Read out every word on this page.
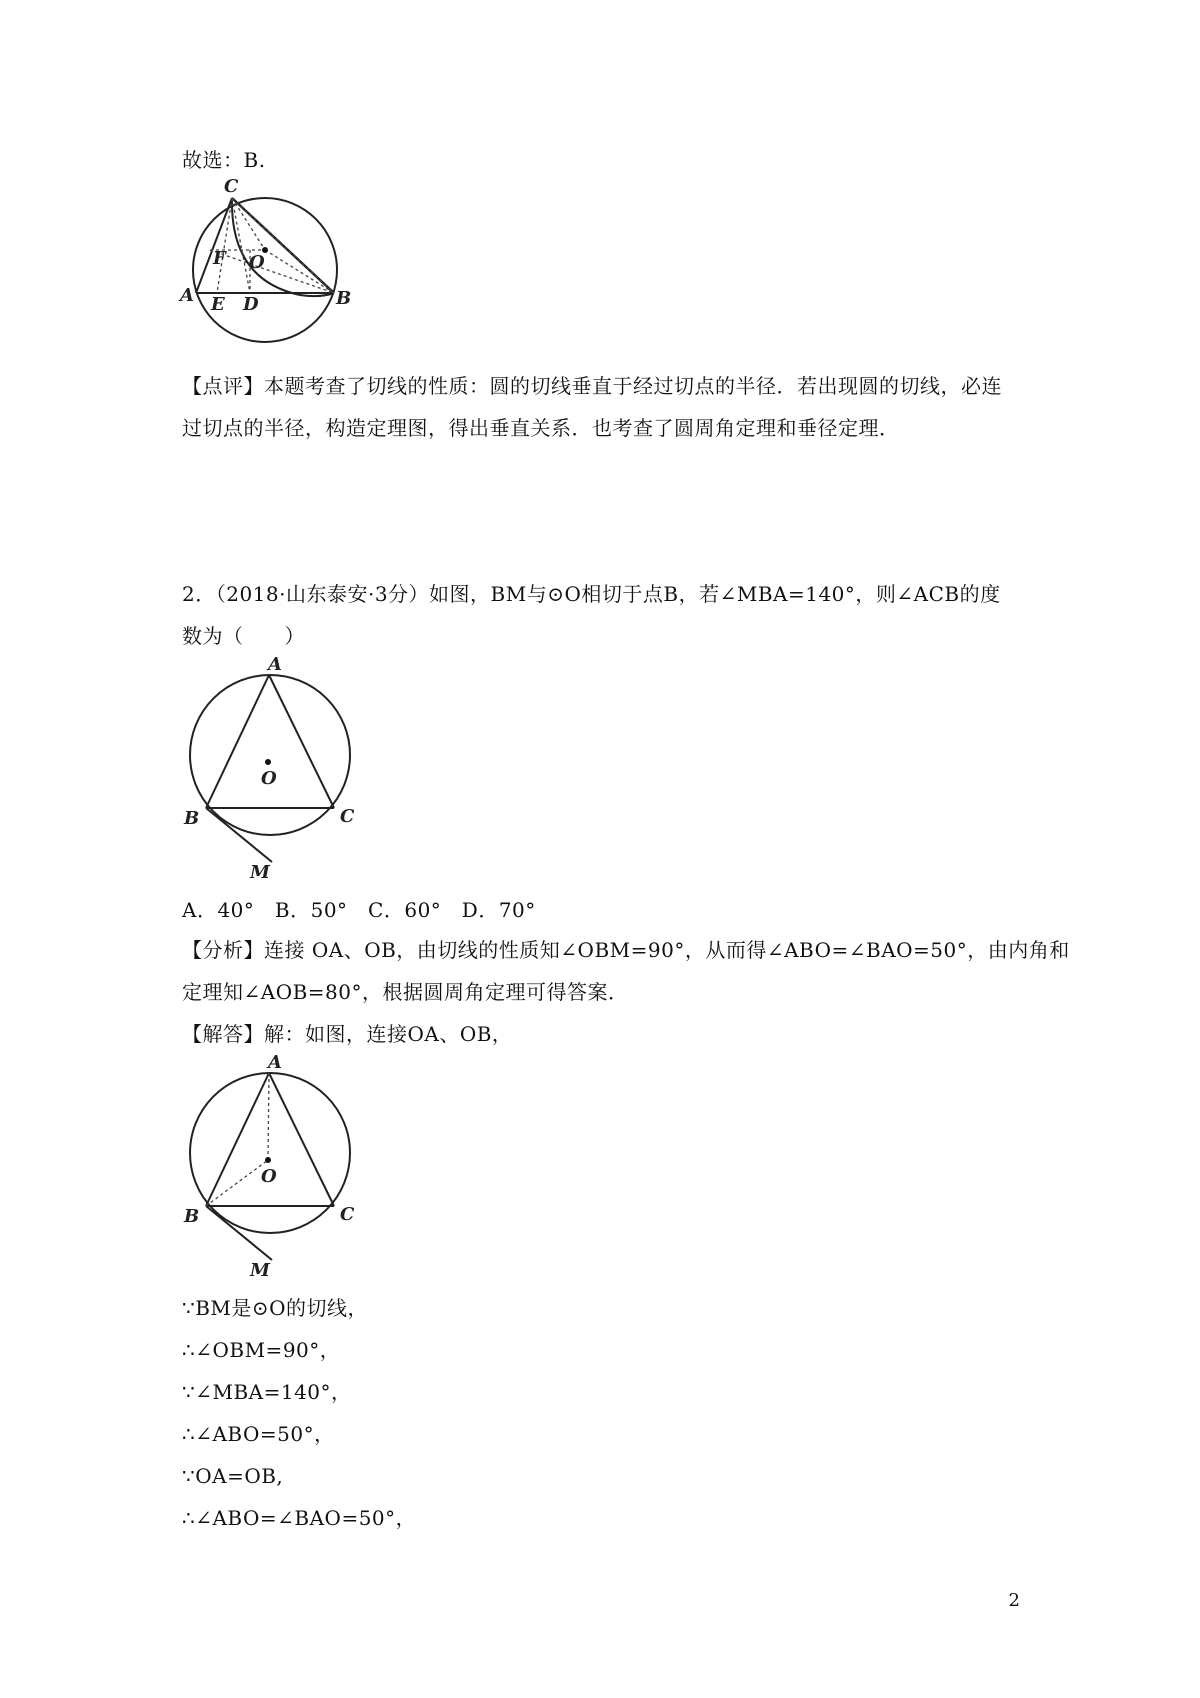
故选：B.
C
F O
A E D	B
【点评】本题考查了切线的性质：圆的切线垂直于经过切点的半径．若出现圆的切线，必连
过切点的半径，构造定理图，得出垂直关系．也考查了圆周角定理和垂径定理．
2．（2018·山东泰安·3分）如图，BM与⊙O相切于点B，若∠MBA=140°，则∠ACB的度
数为（　　）
A
O
B	C
M
A．40°　B．50°　C．60°　D．70°
【分析】连接 OA、OB，由切线的性质知∠OBM=90°，从而得∠ABO=∠BAO=50°，由内角和
定理知∠AOB=80°，根据圆周角定理可得答案．
【解答】解：如图，连接OA、OB，
A
O
B	C
M
∵BM是⊙O的切线，
∴∠OBM=90°，
∵∠MBA=140°，
∴∠ABO=50°，
∵OA=OB,
∴∠ABO=∠BAO=50°，
2
